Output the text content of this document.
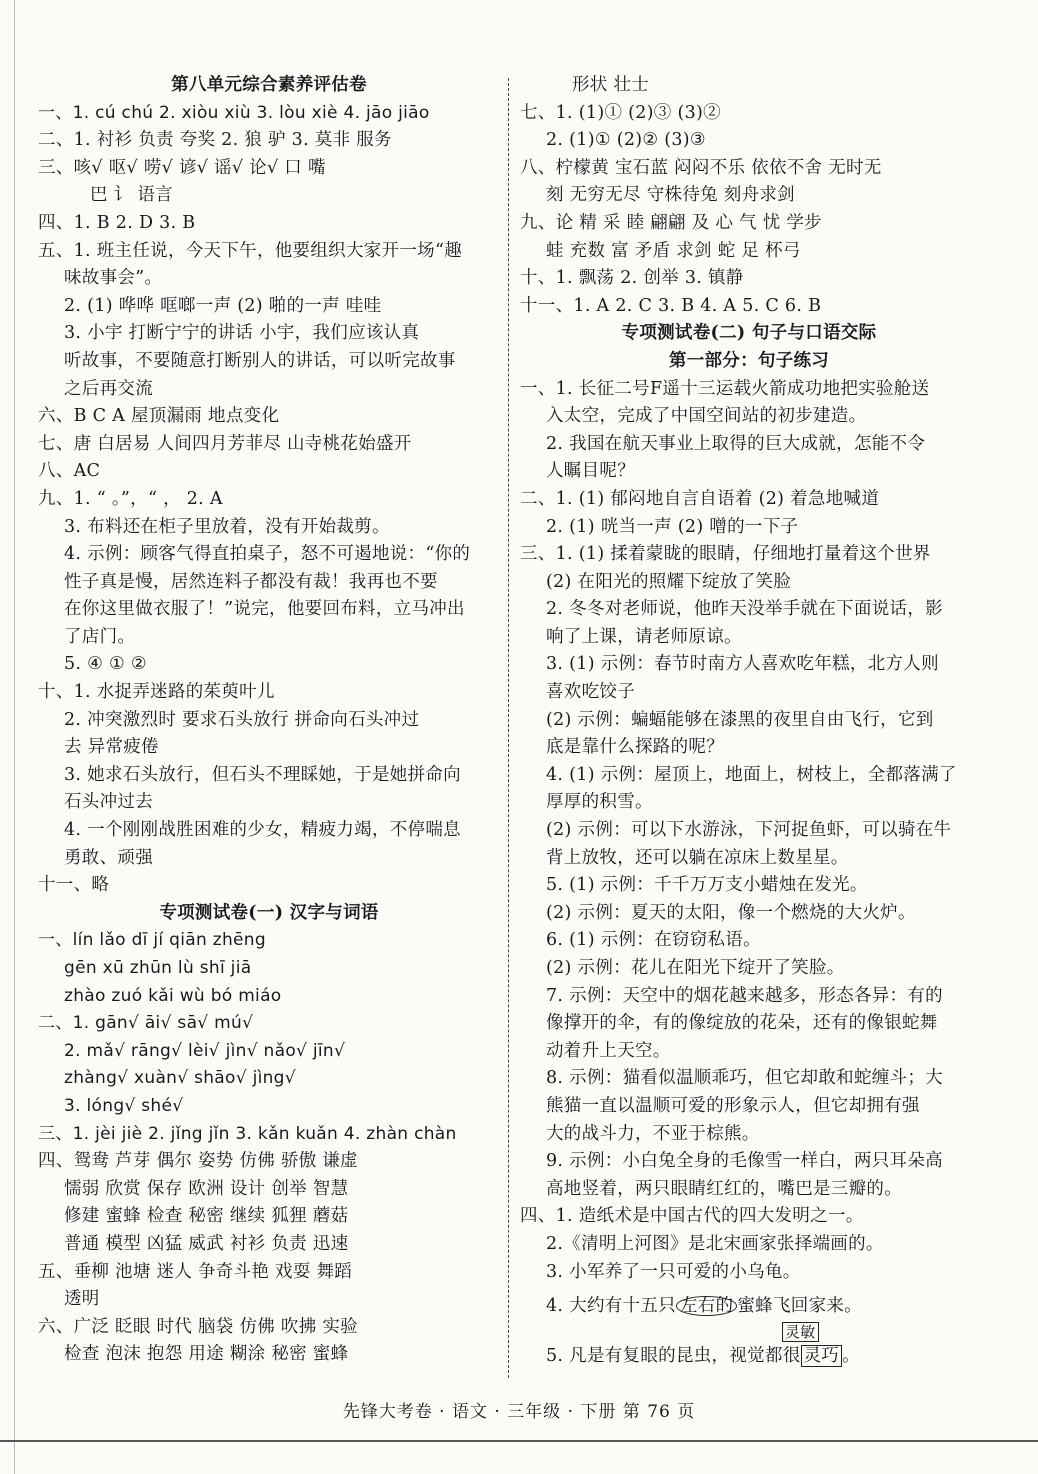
第八单元综合素养评估卷
一、1. cú chú 2. xiòu xiù 3. lòu xiè 4. jāo jiāo
二、1. 衬衫 负责 夸奖 2. 狼 驴 3. 莫非 服务
三、咳√ 呕√ 唠√ 谚√ 谣√ 论√ 口 嘴
巴 讠 语言
四、1. B 2. D 3. B
五、1. 班主任说，今天下午，他要组织大家开一场“趣
味故事会”。
2. (1) 哗哗 哐啷一声 (2) 啪的一声 哇哇
3. 小宇 打断宁宁的讲话 小宇，我们应该认真
听故事，不要随意打断别人的讲话，可以听完故事
之后再交流
六、B C A 屋顶漏雨 地点变化
七、唐 白居易 人间四月芳菲尽 山寺桃花始盛开
八、AC
九、1. “ 。”，“ ， 2. A
3. 布料还在柜子里放着，没有开始裁剪。
4. 示例：顾客气得直拍桌子，怒不可遏地说：“你的
性子真是慢，居然连料子都没有裁！我再也不要
在你这里做衣服了！”说完，他要回布料，立马冲出
了店门。
5. ④ ① ②
十、1. 水捉弄迷路的茱萸叶儿
2. 冲突激烈时 要求石头放行 拼命向石头冲过
去 异常疲倦
3. 她求石头放行，但石头不理睬她，于是她拼命向
石头冲过去
4. 一个刚刚战胜困难的少女，精疲力竭，不停喘息
勇敢、顽强
十一、略
专项测试卷(一) 汉字与词语
一、lín lǎo dī jí qiān zhēng
gēn xū zhūn lù shī jiā
zhào zuó kǎi wù bó miáo
二、1. gān√ āi√ sā√ mú√
2. mǎ√ rāng√ lèi√ jìn√ nǎo√ jīn√
zhàng√ xuàn√ shāo√ jìng√
3. lóng√ shé√
三、1. jèi jiè 2. jǐng jǐn 3. kǎn kuǎn 4. zhàn chàn
四、鸳鸯 芦芽 偶尔 姿势 仿佛 骄傲 谦虚
懦弱 欣赏 保存 欧洲 设计 创举 智慧
修建 蜜蜂 检查 秘密 继续 狐狸 蘑菇
普通 模型 凶猛 威武 衬衫 负责 迅速
五、垂柳 池塘 迷人 争奇斗艳 戏耍 舞蹈
透明
六、广泛 眨眼 时代 脑袋 仿佛 吹拂 实验
检查 泡沫 抱怨 用途 糊涂 秘密 蜜蜂
形状 壮士
七、1. (1)① (2)③ (3)②
2. (1)① (2)② (3)③
八、柠檬黄 宝石蓝 闷闷不乐 依依不舍 无时无
刻 无穷无尽 守株待兔 刻舟求剑
九、论 精 采 睦 翩翩 及 心 气 忧 学步
蛙 充数 富 矛盾 求剑 蛇 足 杯弓
十、1. 飘荡 2. 创举 3. 镇静
十一、1. A 2. C 3. B 4. A 5. C 6. B
专项测试卷(二) 句子与口语交际
第一部分：句子练习
一、1. 长征二号F遥十三运载火箭成功地把实验舱送
入太空，完成了中国空间站的初步建造。
2. 我国在航天事业上取得的巨大成就，怎能不令
人瞩目呢？
二、1. (1) 郁闷地自言自语着 (2) 着急地喊道
2. (1) 咣当一声 (2) 噌的一下子
三、1. (1) 揉着蒙眬的眼睛，仔细地打量着这个世界
(2) 在阳光的照耀下绽放了笑脸
2. 冬冬对老师说，他昨天没举手就在下面说话，影
响了上课，请老师原谅。
3. (1) 示例：春节时南方人喜欢吃年糕，北方人则
喜欢吃饺子
(2) 示例：蝙蝠能够在漆黑的夜里自由飞行，它到
底是靠什么探路的呢？
4. (1) 示例：屋顶上，地面上，树枝上，全都落满了
厚厚的积雪。
(2) 示例：可以下水游泳，下河捉鱼虾，可以骑在牛
背上放牧，还可以躺在凉床上数星星。
5. (1) 示例：千千万万支小蜡烛在发光。
(2) 示例：夏天的太阳，像一个燃烧的大火炉。
6. (1) 示例：在窃窃私语。
(2) 示例：花儿在阳光下绽开了笑脸。
7. 示例：天空中的烟花越来越多，形态各异：有的
像撑开的伞，有的像绽放的花朵，还有的像银蛇舞
动着升上天空。
8. 示例：猫看似温顺乖巧，但它却敢和蛇缠斗；大
熊猫一直以温顺可爱的形象示人，但它却拥有强
大的战斗力，不亚于棕熊。
9. 示例：小白兔全身的毛像雪一样白，两只耳朵高
高地竖着，两只眼睛红红的，嘴巴是三瓣的。
四、1. 造纸术是中国古代的四大发明之一。
2.《清明上河图》是北宋画家张择端画的。
3. 小军养了一只可爱的小乌龟。
4. 大约有十五只 左右的 蜜蜂飞回家来。
灵敏
5. 凡是有复眼的昆虫，视觉都很 灵巧 。
先锋大考卷 · 语文 · 三年级 · 下册 第 76 页
